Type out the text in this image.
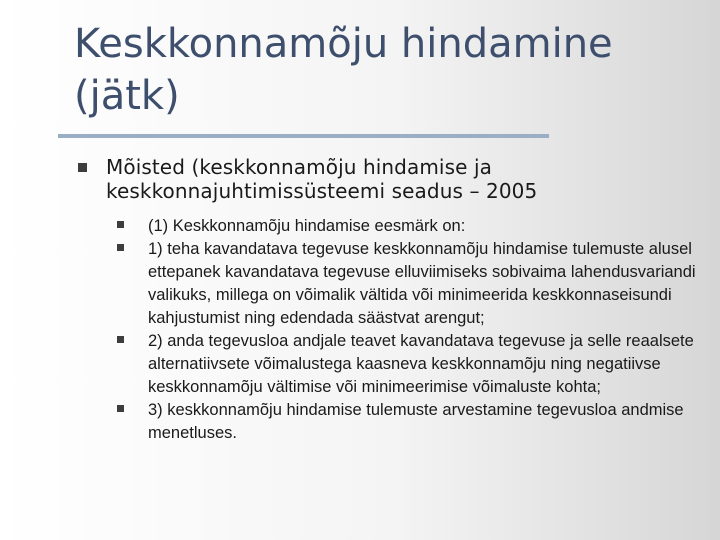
Keskkonnamõju hindamine (jätk)
Mõisted (keskkonnamõju hindamise ja keskkonnajuhtimissüsteemi seadus – 2005
(1) Keskkonnamõju hindamise eesmärk on:
1) teha kavandatava tegevuse keskkonnamõju hindamise tulemuste alusel ettepanek kavandatava tegevuse elluviimiseks sobivaima lahendusvariandi valikuks, millega on võimalik vältida või minimeerida keskkonnaseisundi kahjustumist ning edendada säästvat arengut;
2) anda tegevusloa andjale teavet kavandatava tegevuse ja selle reaalsete alternatiivsete võimalustega kaasneva keskkonnamõju ning negatiivse keskkonnamõju vältimise või minimeerimise võimaluste kohta;
3) keskkonnamõju hindamise tulemuste arvestamine tegevusloa andmise menetluses.
